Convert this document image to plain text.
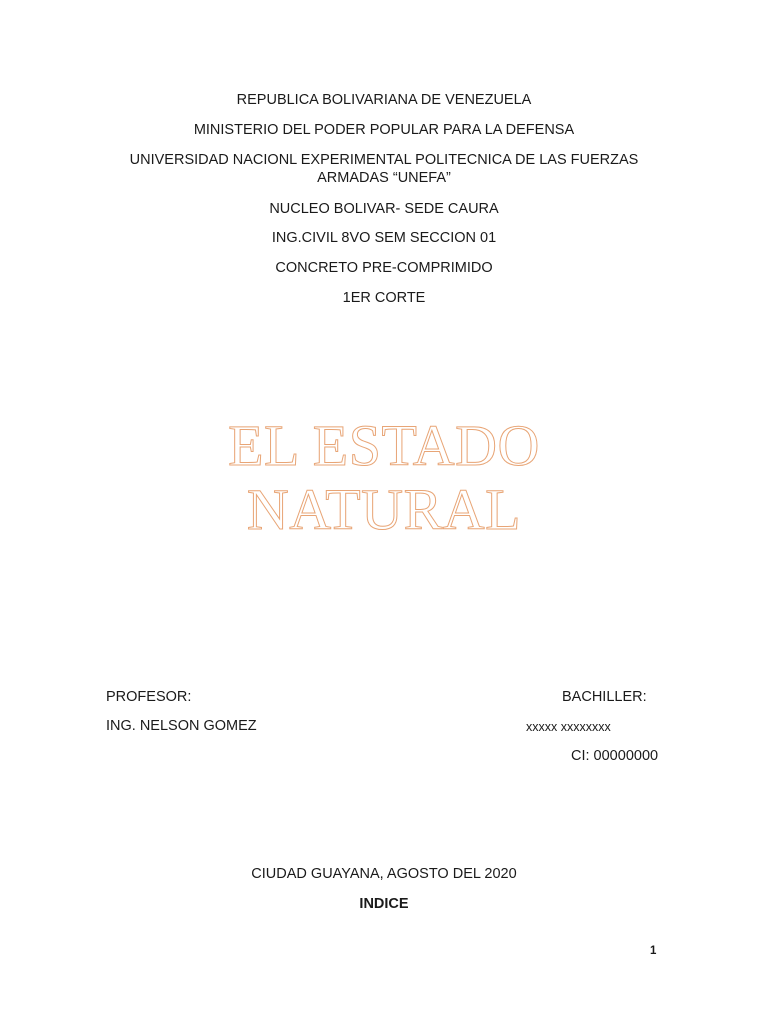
REPUBLICA BOLIVARIANA DE VENEZUELA

MINISTERIO DEL PODER POPULAR PARA LA DEFENSA

UNIVERSIDAD NACIONL EXPERIMENTAL POLITECNICA DE LAS FUERZAS

ARMADAS “UNEFA”

NUCLEO BOLIVAR- SEDE CAURA

ING.CIVIL 8VO SEM SECCION 01

CONCRETO PRE-COMPRIMIDO

1ER CORTE

EL ESTADO
NATURAL
PROFESOR:
ING. NELSON GOMEZ
BACHILLER:
xxxxx xxxxxxxx
CI: 00000000

CIUDAD GUAYANA, AGOSTO DEL 2020

INDICE
1
